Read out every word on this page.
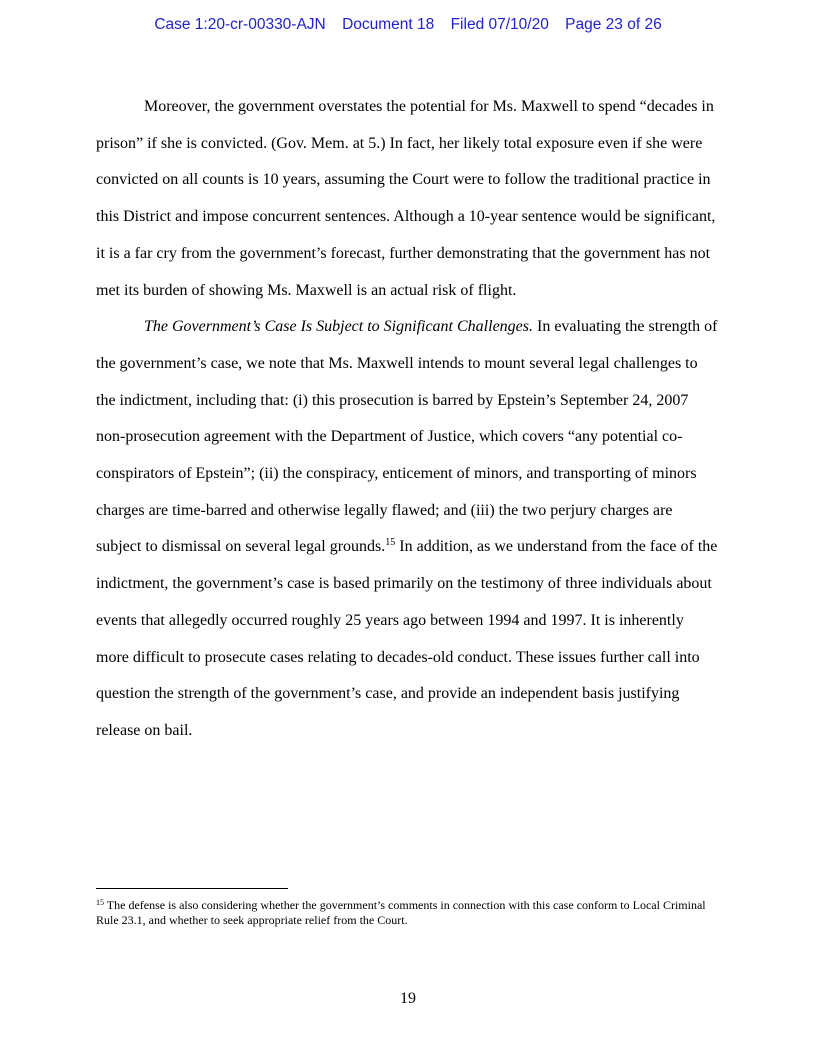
Case 1:20-cr-00330-AJN Document 18 Filed 07/10/20 Page 23 of 26

Moreover, the government overstates the potential for Ms. Maxwell to spend “decades in prison” if she is convicted. (Gov. Mem. at 5.) In fact, her likely total exposure even if she were convicted on all counts is 10 years, assuming the Court were to follow the traditional practice in this District and impose concurrent sentences. Although a 10-year sentence would be significant, it is a far cry from the government’s forecast, further demonstrating that the government has not met its burden of showing Ms. Maxwell is an actual risk of flight.

The Government’s Case Is Subject to Significant Challenges. In evaluating the strength of the government’s case, we note that Ms. Maxwell intends to mount several legal challenges to the indictment, including that: (i) this prosecution is barred by Epstein’s September 24, 2007 non-prosecution agreement with the Department of Justice, which covers “any potential co-conspirators of Epstein”; (ii) the conspiracy, enticement of minors, and transporting of minors charges are time-barred and otherwise legally flawed; and (iii) the two perjury charges are subject to dismissal on several legal grounds.$^{15}$ In addition, as we understand from the face of the indictment, the government’s case is based primarily on the testimony of three individuals about events that allegedly occurred roughly 25 years ago between 1994 and 1997. It is inherently more difficult to prosecute cases relating to decades-old conduct. These issues further call into question the strength of the government’s case, and provide an independent basis justifying release on bail.

$^{15}$ The defense is also considering whether the government’s comments in connection with this case conform to Local Criminal Rule 23.1, and whether to seek appropriate relief from the Court.
19
